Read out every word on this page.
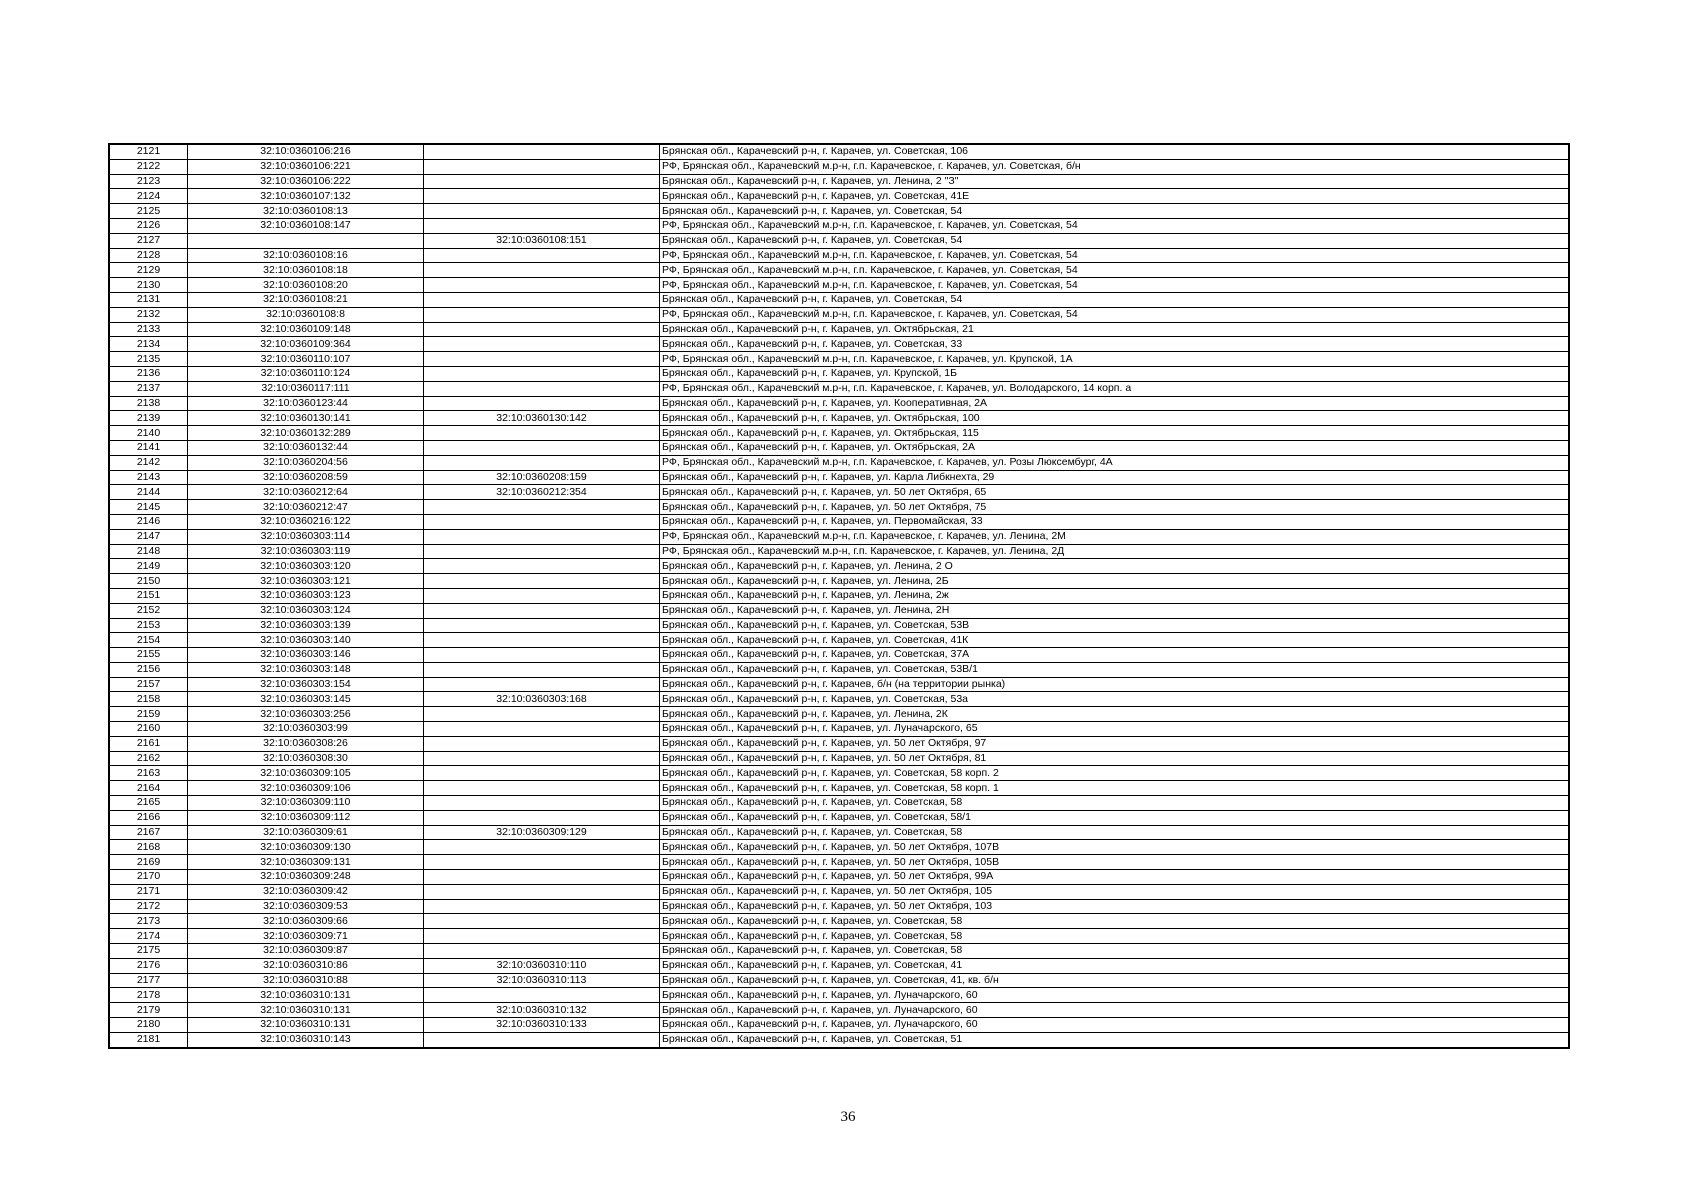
2121	32:10:0360106:216		Брянская обл., Карачевский р-н, г. Карачев, ул. Советская, 106
2122	32:10:0360106:221		РФ, Брянская обл., Карачевский м.р-н, г.п. Карачевское, г. Карачев, ул. Советская, б/н
2123	32:10:0360106:222		Брянская обл., Карачевский р-н, г. Карачев, ул. Ленина, 2 "З"
2124	32:10:0360107:132		Брянская обл., Карачевский р-н, г. Карачев, ул. Советская, 41Е
2125	32:10:0360108:13		Брянская обл., Карачевский р-н, г. Карачев, ул. Советская, 54
2126	32:10:0360108:147		РФ, Брянская обл., Карачевский м.р-н, г.п. Карачевское, г. Карачев, ул. Советская, 54
2127		32:10:0360108:151	Брянская обл., Карачевский р-н, г. Карачев, ул. Советская, 54
2128	32:10:0360108:16		РФ, Брянская обл., Карачевский м.р-н, г.п. Карачевское, г. Карачев, ул. Советская, 54
2129	32:10:0360108:18		РФ, Брянская обл., Карачевский м.р-н, г.п. Карачевское, г. Карачев, ул. Советская, 54
2130	32:10:0360108:20		РФ, Брянская обл., Карачевский м.р-н, г.п. Карачевское, г. Карачев, ул. Советская, 54
2131	32:10:0360108:21		Брянская обл., Карачевский р-н, г. Карачев, ул. Советская, 54
2132	32:10:0360108:8		РФ, Брянская обл., Карачевский м.р-н, г.п. Карачевское, г. Карачев, ул. Советская, 54
2133	32:10:0360109:148		Брянская обл., Карачевский р-н, г. Карачев, ул. Октябрьская, 21
2134	32:10:0360109:364		Брянская обл., Карачевский р-н, г. Карачев, ул. Советская, 33
2135	32:10:0360110:107		РФ, Брянская обл., Карачевский м.р-н, г.п. Карачевское, г. Карачев, ул. Крупской, 1А
2136	32:10:0360110:124		Брянская обл., Карачевский р-н, г. Карачев, ул. Крупской, 1Б
2137	32:10:0360117:111		РФ, Брянская обл., Карачевский м.р-н, г.п. Карачевское, г. Карачев, ул. Володарского, 14 корп. а
2138	32:10:0360123:44		Брянская обл., Карачевский р-н, г. Карачев, ул. Кооперативная, 2А
2139	32:10:0360130:141	32:10:0360130:142	Брянская обл., Карачевский р-н, г. Карачев, ул. Октябрьская, 100
2140	32:10:0360132:289		Брянская обл., Карачевский р-н, г. Карачев, ул. Октябрьская, 115
2141	32:10:0360132:44		Брянская обл., Карачевский р-н, г. Карачев, ул. Октябрьская, 2А
2142	32:10:0360204:56		РФ, Брянская обл., Карачевский м.р-н, г.п. Карачевское, г. Карачев, ул. Розы Люксембург, 4А
2143	32:10:0360208:59	32:10:0360208:159	Брянская обл., Карачевский р-н, г. Карачев, ул. Карла Либкнехта, 29
2144	32:10:0360212:64	32:10:0360212:354	Брянская обл., Карачевский р-н, г. Карачев, ул. 50 лет Октября, 65
2145	32:10:0360212:47		Брянская обл., Карачевский р-н, г. Карачев, ул. 50 лет Октября, 75
2146	32:10:0360216:122		Брянская обл., Карачевский р-н, г. Карачев, ул. Первомайская, 33
2147	32:10:0360303:114		РФ, Брянская обл., Карачевский м.р-н, г.п. Карачевское, г. Карачев, ул. Ленина, 2М
2148	32:10:0360303:119		РФ, Брянская обл., Карачевский м.р-н, г.п. Карачевское, г. Карачев, ул. Ленина, 2Д
2149	32:10:0360303:120		Брянская обл., Карачевский р-н, г. Карачев, ул. Ленина, 2 О
2150	32:10:0360303:121		Брянская обл., Карачевский р-н, г. Карачев, ул. Ленина, 2Б
2151	32:10:0360303:123		Брянская обл., Карачевский р-н, г. Карачев, ул. Ленина, 2ж
2152	32:10:0360303:124		Брянская обл., Карачевский р-н, г. Карачев, ул. Ленина, 2Н
2153	32:10:0360303:139		Брянская обл., Карачевский р-н, г. Карачев, ул. Советская, 53В
2154	32:10:0360303:140		Брянская обл., Карачевский р-н, г. Карачев, ул. Советская, 41К
2155	32:10:0360303:146		Брянская обл., Карачевский р-н, г. Карачев, ул. Советская, 37А
2156	32:10:0360303:148		Брянская обл., Карачевский р-н, г. Карачев, ул. Советская, 53В/1
2157	32:10:0360303:154		Брянская обл., Карачевский р-н, г. Карачев, б/н (на территории рынка)
2158	32:10:0360303:145	32:10:0360303:168	Брянская обл., Карачевский р-н, г. Карачев, ул. Советская, 53а
2159	32:10:0360303:256		Брянская обл., Карачевский р-н, г. Карачев, ул. Ленина, 2К
2160	32:10:0360303:99		Брянская обл., Карачевский р-н, г. Карачев, ул. Луначарского, 65
2161	32:10:0360308:26		Брянская обл., Карачевский р-н, г. Карачев, ул. 50 лет Октября, 97
2162	32:10:0360308:30		Брянская обл., Карачевский р-н, г. Карачев, ул. 50 лет Октября, 81
2163	32:10:0360309:105		Брянская обл., Карачевский р-н, г. Карачев, ул. Советская, 58 корп. 2
2164	32:10:0360309:106		Брянская обл., Карачевский р-н, г. Карачев, ул. Советская, 58 корп. 1
2165	32:10:0360309:110		Брянская обл., Карачевский р-н, г. Карачев, ул. Советская, 58
2166	32:10:0360309:112		Брянская обл., Карачевский р-н, г. Карачев, ул. Советская, 58/1
2167	32:10:0360309:61	32:10:0360309:129	Брянская обл., Карачевский р-н, г. Карачев, ул. Советская, 58
2168	32:10:0360309:130		Брянская обл., Карачевский р-н, г. Карачев, ул. 50 лет Октября, 107В
2169	32:10:0360309:131		Брянская обл., Карачевский р-н, г. Карачев, ул. 50 лет Октября, 105В
2170	32:10:0360309:248		Брянская обл., Карачевский р-н, г. Карачев, ул. 50 лет Октября, 99А
2171	32:10:0360309:42		Брянская обл., Карачевский р-н, г. Карачев, ул. 50 лет Октября, 105
2172	32:10:0360309:53		Брянская обл., Карачевский р-н, г. Карачев, ул. 50 лет Октября, 103
2173	32:10:0360309:66		Брянская обл., Карачевский р-н, г. Карачев, ул. Советская, 58
2174	32:10:0360309:71		Брянская обл., Карачевский р-н, г. Карачев, ул. Советская, 58
2175	32:10:0360309:87		Брянская обл., Карачевский р-н, г. Карачев, ул. Советская, 58
2176	32:10:0360310:86	32:10:0360310:110	Брянская обл., Карачевский р-н, г. Карачев, ул. Советская, 41
2177	32:10:0360310:88	32:10:0360310:113	Брянская обл., Карачевский р-н, г. Карачев, ул. Советская, 41, кв. б/н
2178	32:10:0360310:131		Брянская обл., Карачевский р-н, г. Карачев, ул. Луначарского, 60
2179	32:10:0360310:131	32:10:0360310:132	Брянская обл., Карачевский р-н, г. Карачев, ул. Луначарского, 60
2180	32:10:0360310:131	32:10:0360310:133	Брянская обл., Карачевский р-н, г. Карачев, ул. Луначарского, 60
2181	32:10:0360310:143		Брянская обл., Карачевский р-н, г. Карачев, ул. Советская, 51
36
